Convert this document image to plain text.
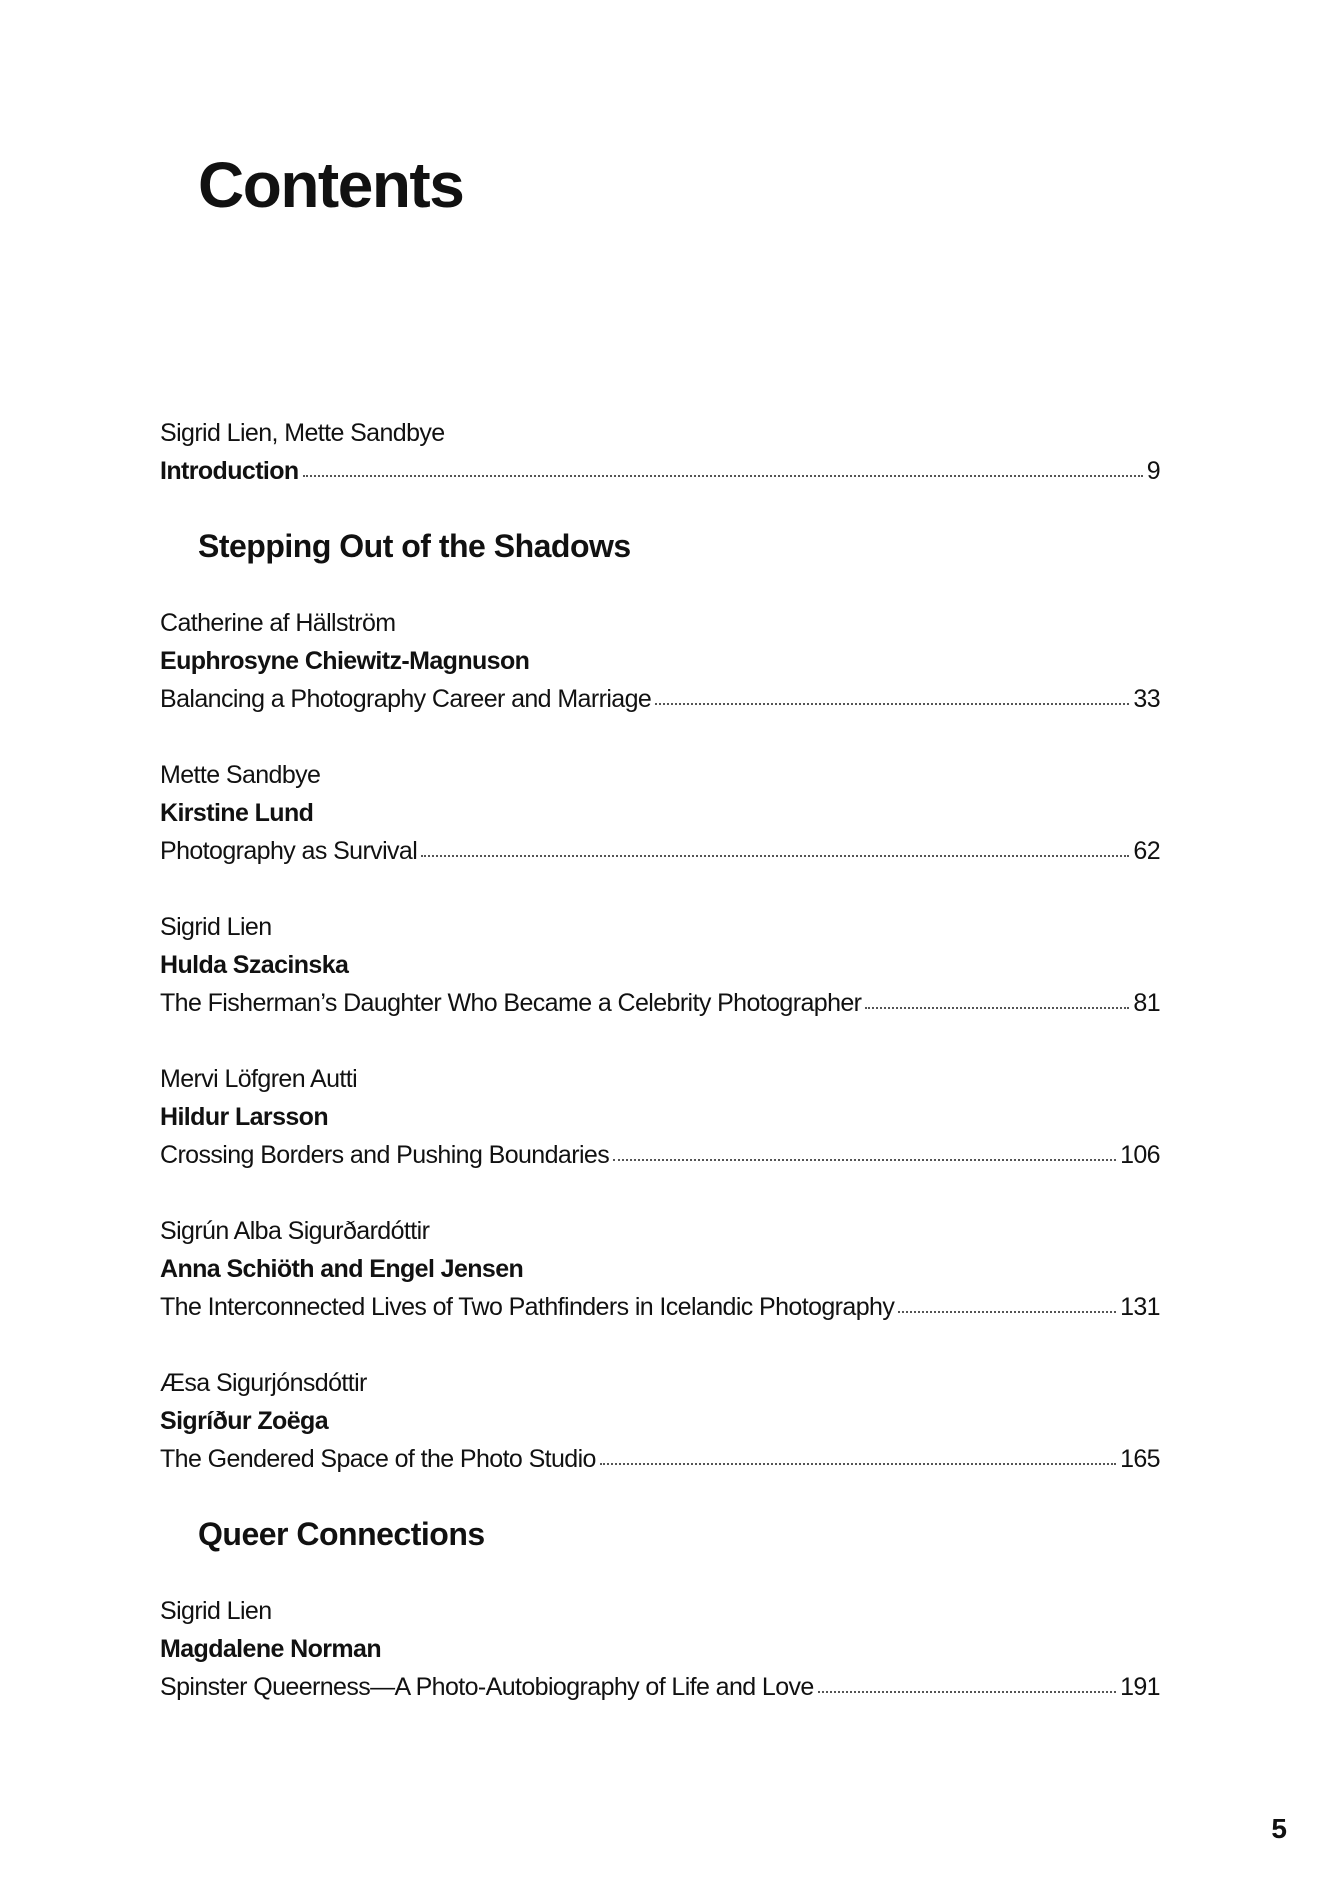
Contents
Sigrid Lien, Mette Sandbye
Introduction	9
Stepping Out of the Shadows
Catherine af Hällström
Euphrosyne Chiewitz-Magnuson
Balancing a Photography Career and Marriage	33
Mette Sandbye
Kirstine Lund
Photography as Survival	62
Sigrid Lien
Hulda Szacinska
The Fisherman’s Daughter Who Became a Celebrity Photographer	81
Mervi Löfgren Autti
Hildur Larsson
Crossing Borders and Pushing Boundaries	106
Sigrún Alba Sigurðardóttir
Anna Schiöth and Engel Jensen
The Interconnected Lives of Two Pathfinders in Icelandic Photography	131
Æsa Sigurjónsdóttir
Sigríður Zoëga
The Gendered Space of the Photo Studio	165
Queer Connections
Sigrid Lien
Magdalene Norman
Spinster Queerness—A Photo-Autobiography of Life and Love	191
5
